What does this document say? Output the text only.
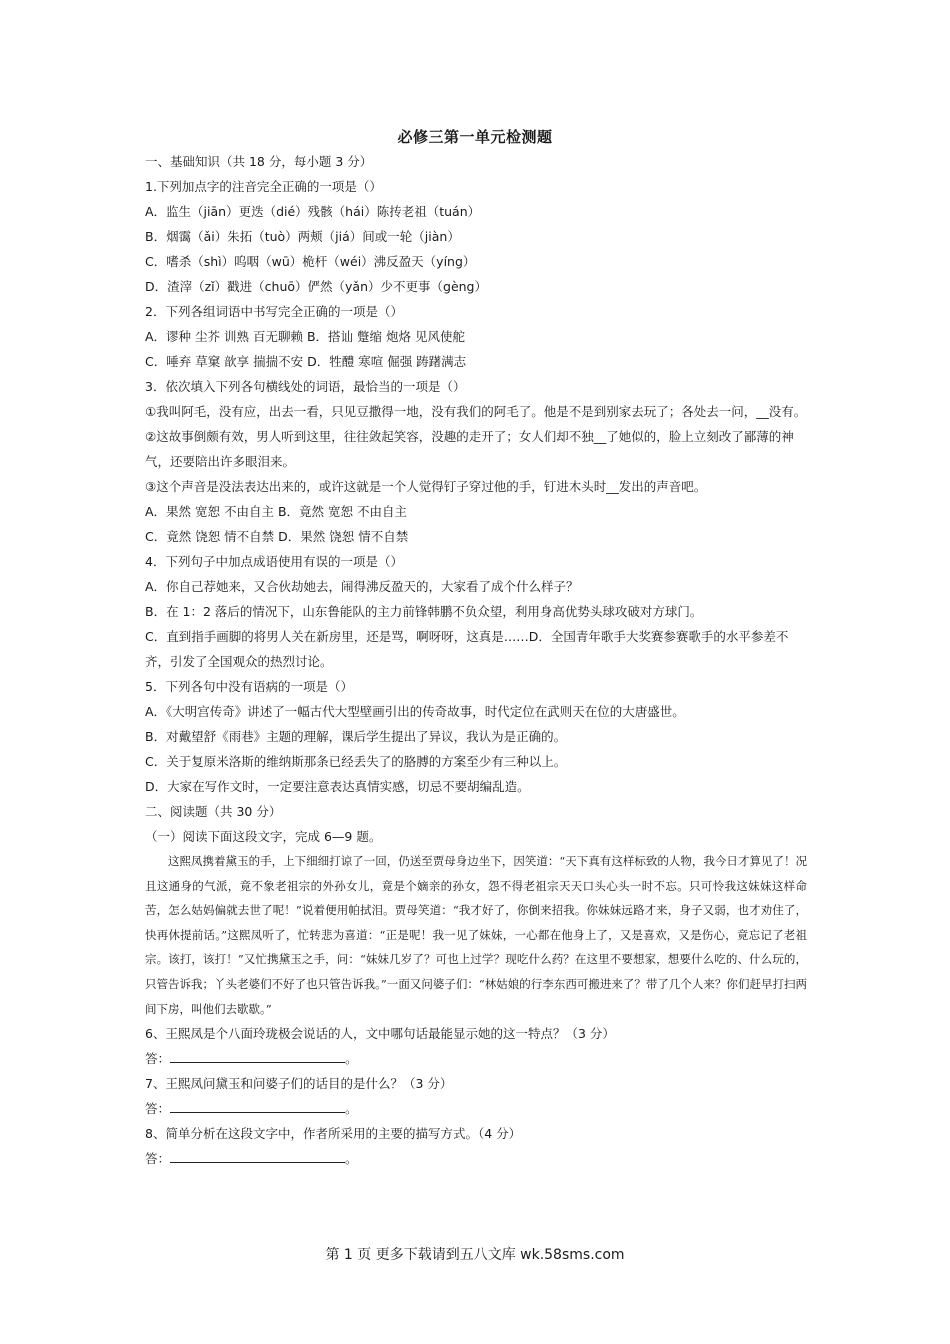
必修三第一单元检测题
一、基础知识（共 18 分，每小题 3 分）
1.下列加点字的注音完全正确的一项是（）
A．监生（jiān）更迭（dié）残骸（hái）陈抟老祖（tuán）
B．烟霭（ǎi）朱拓（tuò）两颊（jiá）间或一轮（jiàn）
C．嗜杀（shì）呜咽（wū）桅杆（wéi）沸反盈天（yíng）
D．渣滓（zǐ）戳进（chuō）俨然（yǎn）少不更事（gèng）
2．下列各组词语中书写完全正确的一项是（）
A．谬种 尘芥 训熟 百无聊赖 B．搭讪 蹩缩 炮烙 见风使舵
C．唾弃 草窠 歆享 揣揣不安 D．牲醴 寒喧 倔强 踌躇满志
3．依次填入下列各句横线处的词语，最恰当的一项是（）
①我叫阿毛，没有应，出去一看，只见豆撒得一地，没有我们的阿毛了。他是不是到别家去玩了；各处去一问，__没有。
②这故事倒颇有效，男人听到这里，往往敛起笑容，没趣的走开了；女人们却不独__了她似的，脸上立刻改了鄙薄的神气，还要陪出许多眼泪来。
③这个声音是没法表达出来的，或许这就是一个人觉得钉子穿过他的手，钉进木头时__发出的声音吧。
A．果然 宽恕 不由自主 B．竟然 宽恕 不由自主
C．竟然 饶恕 情不自禁 D．果然 饶恕 情不自禁
4．下列句子中加点成语使用有误的一项是（）
A．你自己荐她来，又合伙劫她去，闹得沸反盈天的，大家看了成个什么样子？
B．在 1：2 落后的情况下，山东鲁能队的主力前锋韩鹏不负众望，利用身高优势头球攻破对方球门。
C．直到指手画脚的将男人关在新房里，还是骂，啊呀呀，这真是……D．全国青年歌手大奖赛参赛歌手的水平参差不齐，引发了全国观众的热烈讨论。
5．下列各句中没有语病的一项是（）
A．《大明宫传奇》讲述了一幅古代大型壁画引出的传奇故事，时代定位在武则天在位的大唐盛世。
B．对戴望舒《雨巷》主题的理解，课后学生提出了异议，我认为是正确的。
C．关于复原米洛斯的维纳斯那条已经丢失了的胳膊的方案至少有三种以上。
D．大家在写作文时，一定要注意表达真情实感，切忌不要胡编乱造。
二、阅读题（共 30 分）
（一）阅读下面这段文字，完成 6—9 题。
这熙凤携着黛玉的手，上下细细打谅了一回，仍送至贾母身边坐下，因笑道：“天下真有这样标致的人物，我今日才算见了！况且这通身的气派，竟不象老祖宗的外孙女儿，竟是个嫡亲的孙女，怨不得老祖宗天天口头心头一时不忘。只可怜我这妹妹这样命苦，怎么姑妈偏就去世了呢！”说着便用帕拭泪。贾母笑道：“我才好了，你倒来招我。你妹妹远路才来，身子又弱，也才劝住了，快再休提前话。”这熙凤听了，忙转悲为喜道：“正是呢！我一见了妹妹，一心都在他身上了，又是喜欢，又是伤心，竟忘记了老祖宗。该打，该打！”又忙携黛玉之手，问：“妹妹几岁了？可也上过学？现吃什么药？在这里不要想家，想要什么吃的、什么玩的，只管告诉我；丫头老婆们不好了也只管告诉我。”一面又问婆子们：“林姑娘的行李东西可搬进来了？带了几个人来？你们赶早打扫两间下房，叫他们去歇歇。”
6、王熙凤是个八面玲珑极会说话的人，文中哪句话最能显示她的这一特点？（3 分）
答：	。
7、王熙凤问黛玉和问婆子们的话目的是什么？（3 分）
答：	。
8、简单分析在这段文字中，作者所采用的主要的描写方式。（4 分）
答：	。
第 1 页 更多下载请到五八文库 wk.58sms.com
